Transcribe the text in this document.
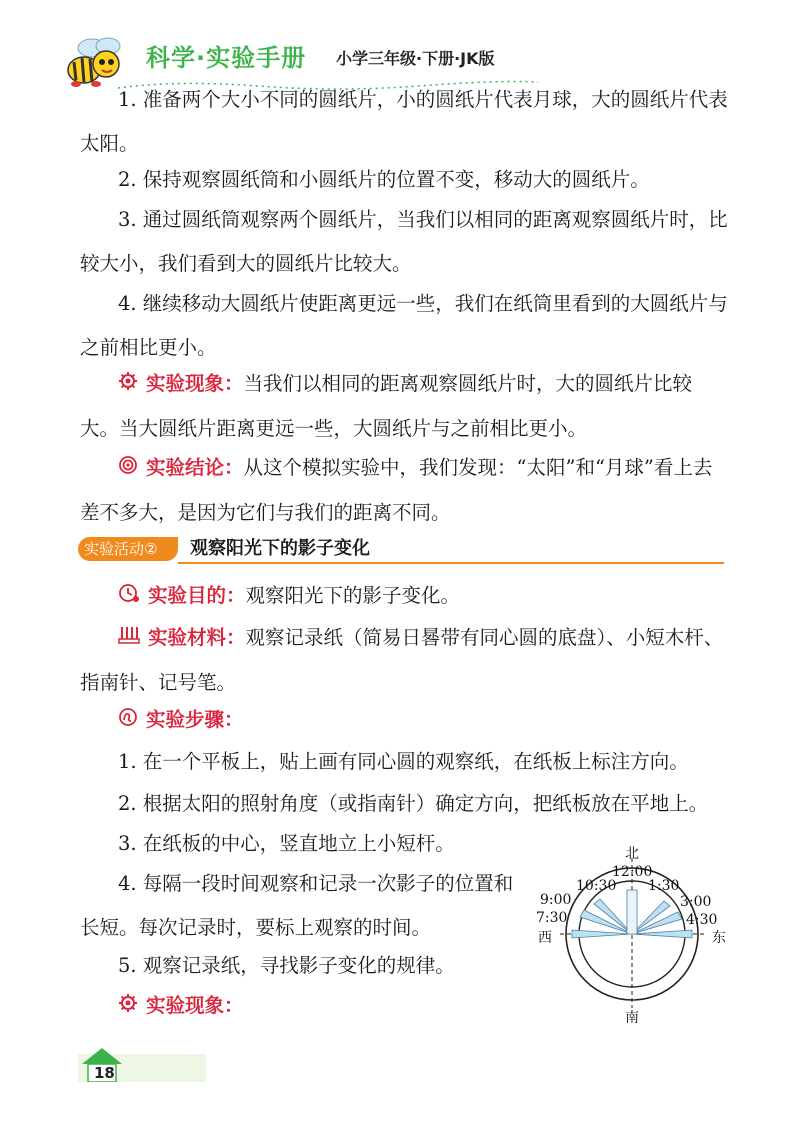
科学·实验手册 小学三年级·下册·JK版

1. 准备两个大小不同的圆纸片，小的圆纸片代表月球，大的圆纸片代表太阳。

2. 保持观察圆纸筒和小圆纸片的位置不变，移动大的圆纸片。

3. 通过圆纸筒观察两个圆纸片，当我们以相同的距离观察圆纸片时，比较大小，我们看到大的圆纸片比较大。

4. 继续移动大圆纸片使距离更远一些，我们在纸筒里看到的大圆纸片与之前相比更小。

实验现象：当我们以相同的距离观察圆纸片时，大的圆纸片比较大。当大圆纸片距离更远一些，大圆纸片与之前相比更小。

实验结论：从这个模拟实验中，我们发现：“太阳”和“月球”看上去差不多大，是因为它们与我们的距离不同。

实验活动②	观察阳光下的影子变化

实验目的：观察阳光下的影子变化。

实验材料：观察记录纸（简易日晷带有同心圆的底盘）、小短木杆、指南针、记号笔。

实验步骤：

1. 在一个平板上，贴上画有同心圆的观察纸，在纸板上标注方向。

2. 根据太阳的照射角度（或指南针）确定方向，把纸板放在平地上。

3. 在纸板的中心，竖直地立上小短杆。

4. 每隔一段时间观察和记录一次影子的位置和长短。每次记录时，要标上观察的时间。

5. 观察记录纸，寻找影子变化的规律。

实验现象：

北
南
西	东
7:30
9:00
10:30
12:00
1:30
3:00
4:30
18
